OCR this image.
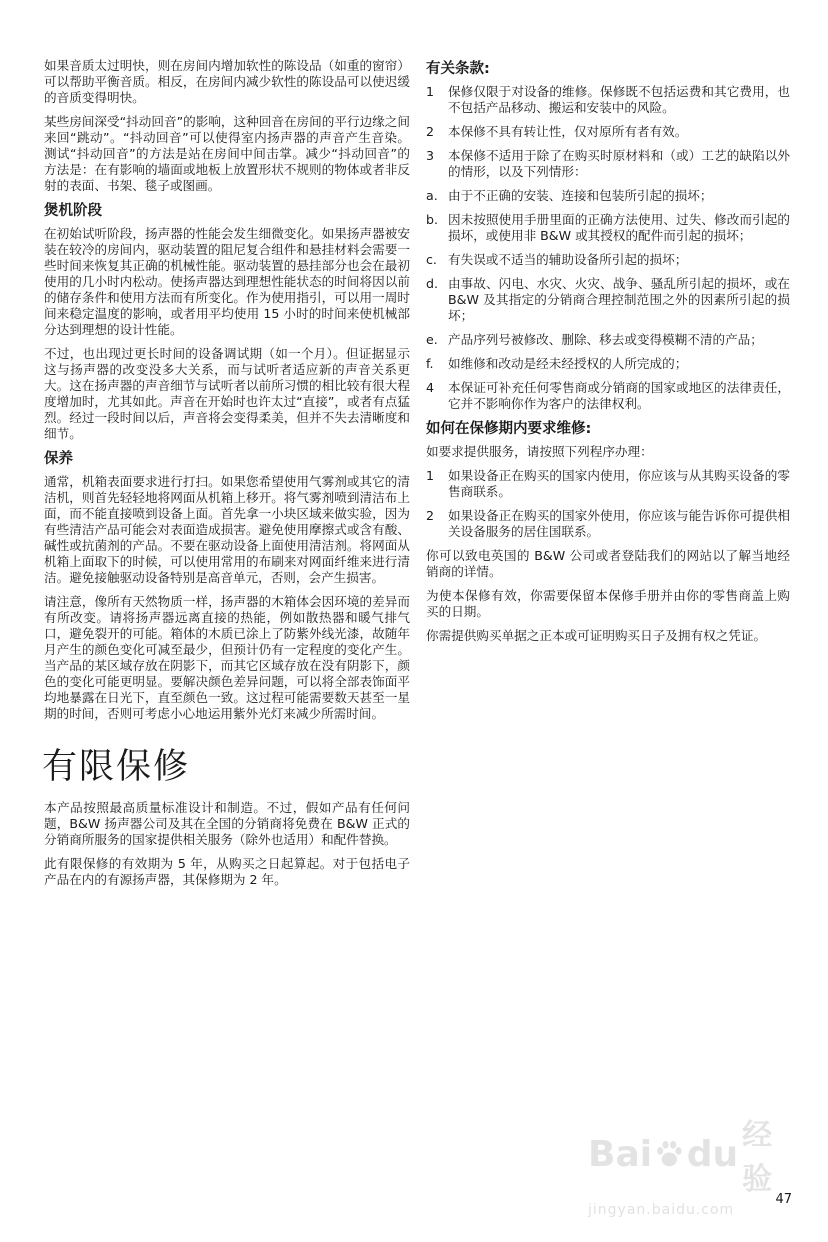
如果音质太过明快，则在房间内增加软性的陈设品（如重的窗帘）可以帮助平衡音质。相反，在房间内减少软性的陈设品可以使迟缓的音质变得明快。

某些房间深受“抖动回音”的影响，这种回音在房间的平行边缘之间来回“跳动”。“抖动回音”可以使得室内扬声器的声音产生音染。测试“抖动回音”的方法是站在房间中间击掌。减少“抖动回音”的方法是：在有影响的墙面或地板上放置形状不规则的物体或者非反射的表面、书架、毯子或图画。

煲机阶段

在初始试听阶段，扬声器的性能会发生细微变化。如果扬声器被安装在较冷的房间内，驱动装置的阻尼复合组件和悬挂材料会需要一些时间来恢复其正确的机械性能。驱动装置的悬挂部分也会在最初使用的几小时内松动。使扬声器达到理想性能状态的时间将因以前的储存条件和使用方法而有所变化。作为使用指引，可以用一周时间来稳定温度的影响，或者用平均使用 15 小时的时间来使机械部分达到理想的设计性能。

不过，也出现过更长时间的设备调试期（如一个月）。但证据显示这与扬声器的改变没多大关系，而与试听者适应新的声音关系更大。这在扬声器的声音细节与试听者以前所习惯的相比较有很大程度增加时，尤其如此。声音在开始时也许太过“直接”，或者有点猛烈。经过一段时间以后，声音将会变得柔美，但并不失去清晰度和细节。

保养

通常，机箱表面要求进行打扫。如果您希望使用气雾剂或其它的清洁机，则首先轻轻地将网面从机箱上移开。将气雾剂喷到清洁布上面，而不能直接喷到设备上面。首先拿一小块区域来做实验，因为有些清洁产品可能会对表面造成损害。避免使用摩擦式或含有酸、碱性或抗菌剂的产品。不要在驱动设备上面使用清洁剂。将网面从机箱上面取下的时候，可以使用常用的布刷来对网面纤维来进行清洁。避免接触驱动设备特别是高音单元，否则，会产生损害。

请注意，像所有天然物质一样，扬声器的木箱体会因环境的差异而有所改变。请将扬声器远离直接的热能，例如散热器和暖气排气口，避免裂开的可能。箱体的木质已涂上了防紫外线光漆，故随年月产生的颜色变化可减至最少，但预计仍有一定程度的变化产生。当产品的某区域存放在阴影下，而其它区域存放在没有阴影下，颜色的变化可能更明显。要解决颜色差异问题，可以将全部表饰面平均地暴露在日光下，直至颜色一致。这过程可能需要数天甚至一星期的时间，否则可考虑小心地运用紫外光灯来减少所需时间。

有限保修

本产品按照最高质量标准设计和制造。不过，假如产品有任何问题，B&W 扬声器公司及其在全国的分销商将免费在 B&W 正式的分销商所服务的国家提供相关服务（除外也适用）和配件替换。

此有限保修的有效期为 5 年，从购买之日起算起。对于包括电子产品在内的有源扬声器，其保修期为 2 年。

有关条款:
1	保修仅限于对设备的维修。保修既不包括运费和其它费用，也不包括产品移动、搬运和安装中的风险。
2	本保修不具有转让性，仅对原所有者有效。
3	本保修不适用于除了在购买时原材料和（或）工艺的缺陷以外的情形，以及下列情形：
a. 由于不正确的安装、连接和包装所引起的损坏；
b. 因未按照使用手册里面的正确方法使用、过失、修改而引起的损坏，或使用非 B&W 或其授权的配件而引起的损坏；
c. 有失误或不适当的辅助设备所引起的损坏；
d. 由事故、闪电、水灾、火灾、战争、骚乱所引起的损坏，或在 B&W 及其指定的分销商合理控制范围之外的因素所引起的损坏；
e. 产品序列号被修改、删除、移去或变得模糊不清的产品；
f.	如维修和改动是经未经授权的人所完成的；
4	本保证可补充任何零售商或分销商的国家或地区的法律责任，它并不影响你作为客户的法律权利。
如何在保修期内要求维修:

如要求提供服务，请按照下列程序办理：

1	如果设备正在购买的国家内使用，你应该与从其购买设备的零售商联系。
2	如果设备正在购买的国家外使用，你应该与能告诉你可提供相关设备服务的居住国联系。

你可以致电英国的 B&W 公司或者登陆我们的网站以了解当地经销商的详情。

为使本保修有效，你需要保留本保修手册并由你的零售商盖上购买的日期。

你需提供购买单据之正本或可证明购买日子及拥有权之凭证。

Bai du 经验
jingyan.baidu.com
47
